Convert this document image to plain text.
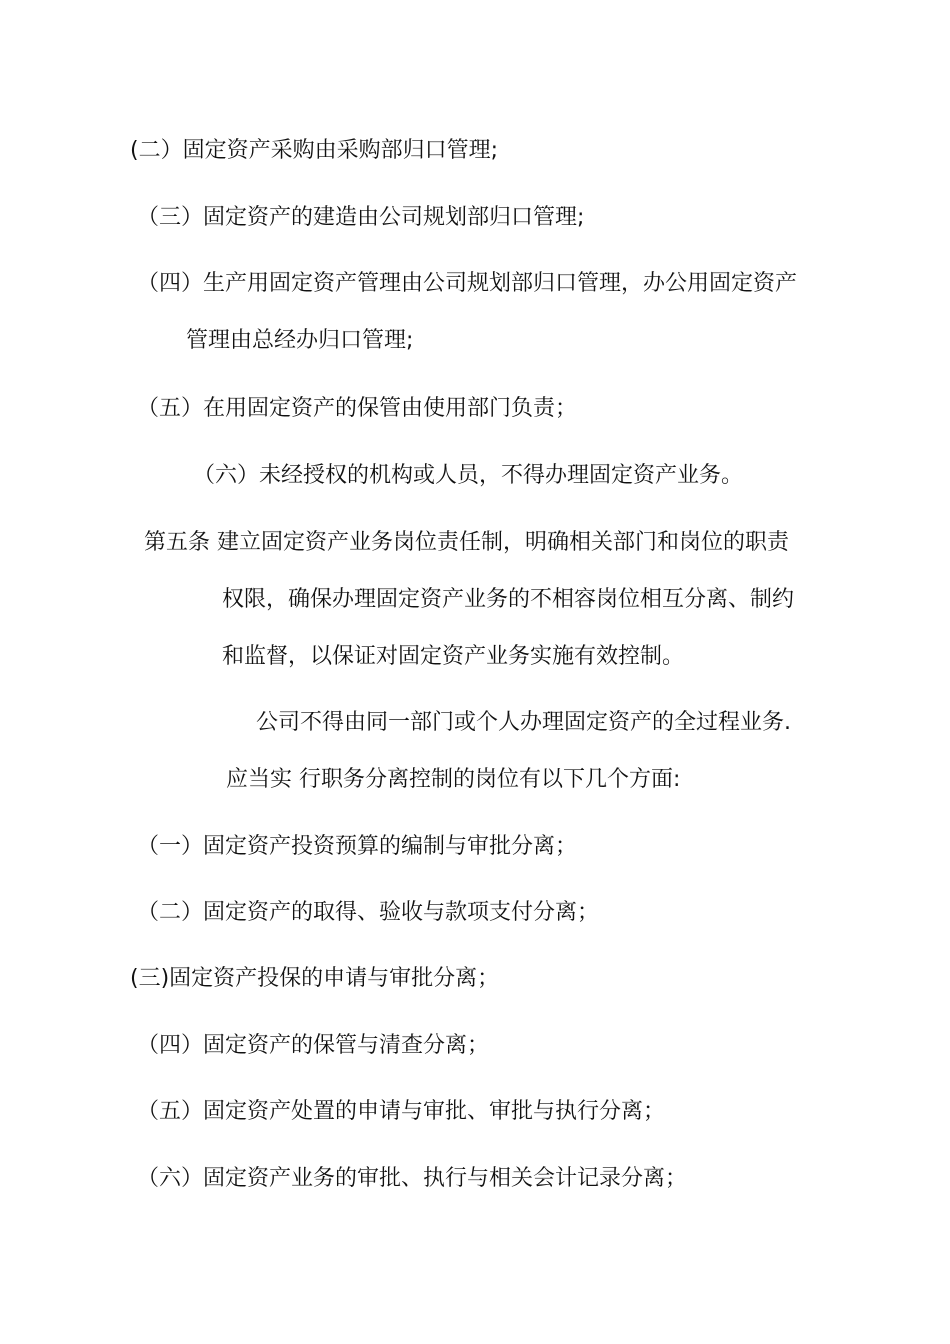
(二）固定资产采购由采购部归口管理;
（三）固定资产的建造由公司规划部归口管理;
（四）生产用固定资产管理由公司规划部归口管理，办公用固定资产
管理由总经办归口管理;
（五）在用固定资产的保管由使用部门负责；
（六）未经授权的机构或人员，不得办理固定资产业务。
第五条 建立固定资产业务岗位责任制，明确相关部门和岗位的职责
权限，确保办理固定资产业务的不相容岗位相互分离、制约
和监督，以保证对固定资产业务实施有效控制。
公司不得由同一部门或个人办理固定资产的全过程业务.
应当实 行职务分离控制的岗位有以下几个方面:
（一）固定资产投资预算的编制与审批分离；
（二）固定资产的取得、验收与款项支付分离；
(三)固定资产投保的申请与审批分离；
（四）固定资产的保管与清查分离；
（五）固定资产处置的申请与审批、审批与执行分离；
（六）固定资产业务的审批、执行与相关会计记录分离；
